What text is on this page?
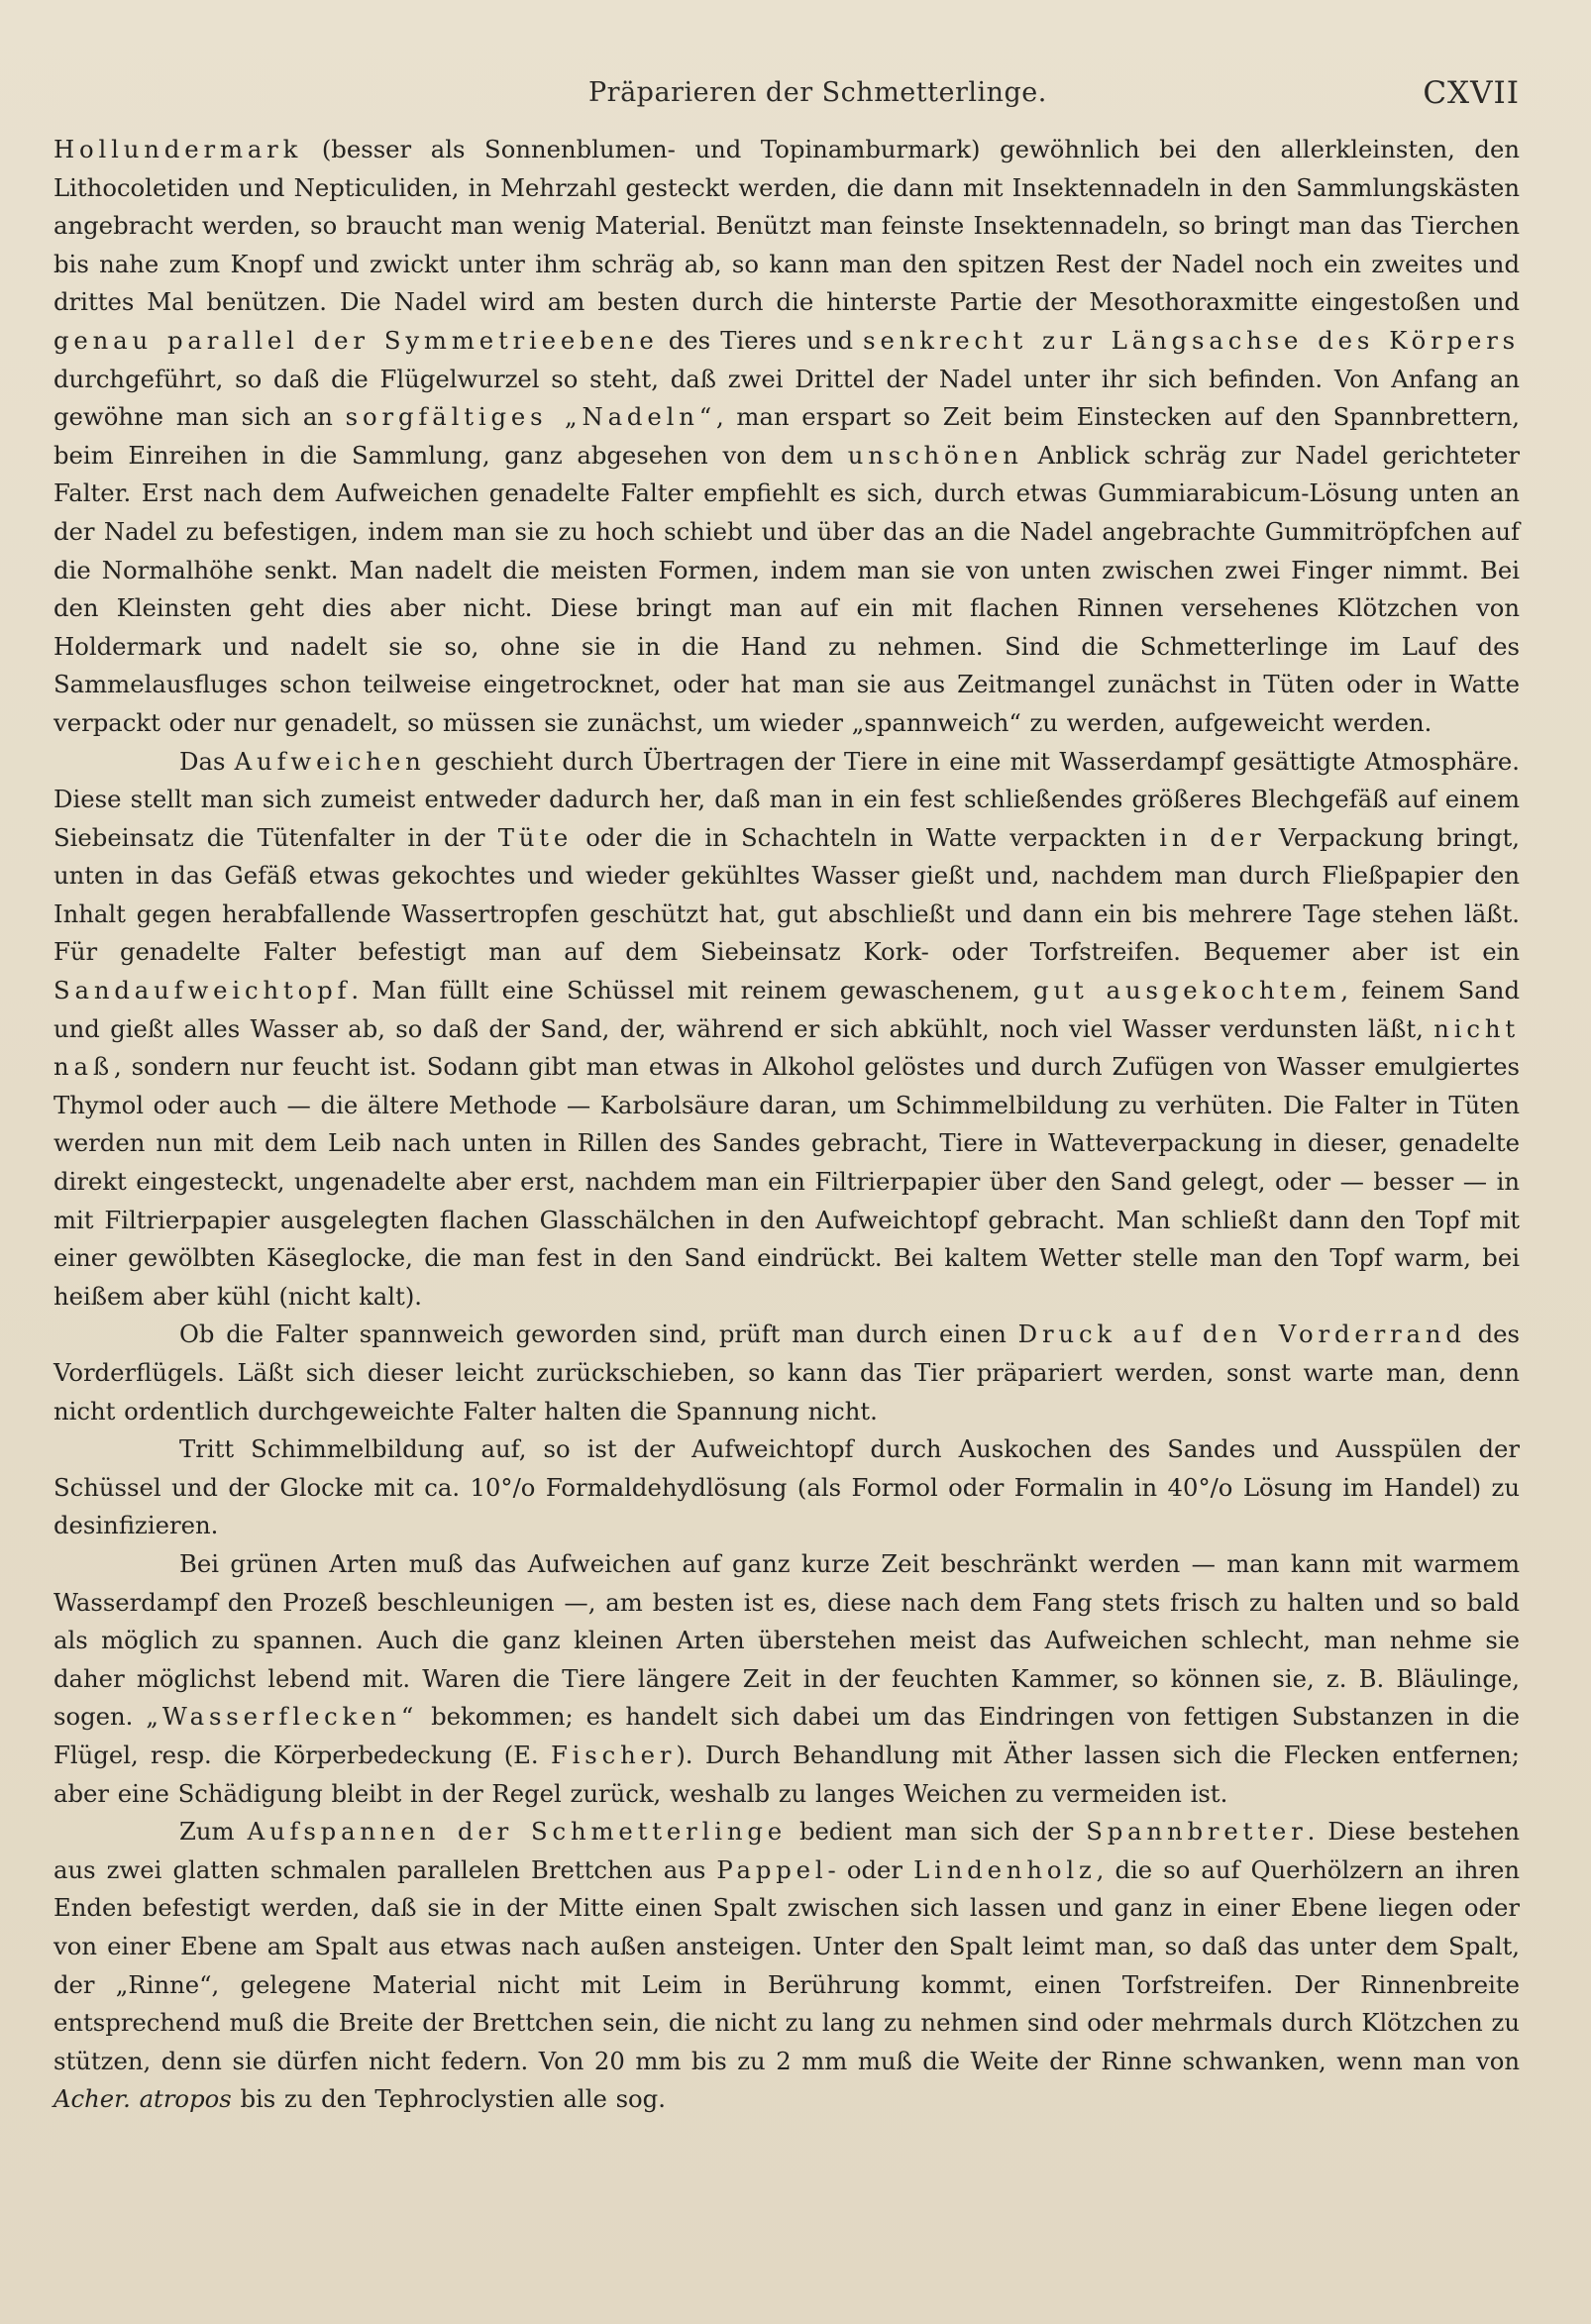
Präparieren der Schmetterlinge.	CXVII

Hollundermark (besser als Sonnenblumen- und Topinamburmark) gewöhnlich bei den allerkleinsten, den Lithocoletiden und Nepticuliden, in Mehrzahl gesteckt werden, die dann mit Insektennadeln in den Sammlungskästen angebracht werden, so braucht man wenig Material. Benützt man feinste Insektennadeln, so bringt man das Tierchen bis nahe zum Knopf und zwickt unter ihm schräg ab, so kann man den spitzen Rest der Nadel noch ein zweites und drittes Mal benützen. Die Nadel wird am besten durch die hinterste Partie der Mesothoraxmitte eingestoßen und genau parallel der Symmetrieebene des Tieres und senkrecht zur Längsachse des Körpers durchgeführt, so daß die Flügelwurzel so steht, daß zwei Drittel der Nadel unter ihr sich befinden. Von Anfang an gewöhne man sich an sorgfältiges „Nadeln“, man erspart so Zeit beim Einstecken auf den Spannbrettern, beim Einreihen in die Sammlung, ganz abgesehen von dem unschönen Anblick schräg zur Nadel gerichteter Falter. Erst nach dem Aufweichen genadelte Falter empfiehlt es sich, durch etwas Gummiarabicum-Lösung unten an der Nadel zu befestigen, indem man sie zu hoch schiebt und über das an die Nadel angebrachte Gummitröpfchen auf die Normalhöhe senkt. Man nadelt die meisten Formen, indem man sie von unten zwischen zwei Finger nimmt. Bei den Kleinsten geht dies aber nicht. Diese bringt man auf ein mit flachen Rinnen versehenes Klötzchen von Holdermark und nadelt sie so, ohne sie in die Hand zu nehmen. Sind die Schmetterlinge im Lauf des Sammelausfluges schon teilweise eingetrocknet, oder hat man sie aus Zeitmangel zunächst in Tüten oder in Watte verpackt oder nur genadelt, so müssen sie zunächst, um wieder „spannweich“ zu werden, aufgeweicht werden.

Das Aufweichen geschieht durch Übertragen der Tiere in eine mit Wasserdampf gesättigte Atmosphäre. Diese stellt man sich zumeist entweder dadurch her, daß man in ein fest schließendes größeres Blechgefäß auf einem Siebeinsatz die Tütenfalter in der Tüte oder die in Schachteln in Watte verpackten in der Verpackung bringt, unten in das Gefäß etwas gekochtes und wieder gekühltes Wasser gießt und, nachdem man durch Fließpapier den Inhalt gegen herabfallende Wassertropfen geschützt hat, gut abschließt und dann ein bis mehrere Tage stehen läßt. Für genadelte Falter befestigt man auf dem Siebeinsatz Kork- oder Torfstreifen. Bequemer aber ist ein Sandaufweichtopf. Man füllt eine Schüssel mit reinem gewaschenem, gut ausgekochtem, feinem Sand und gießt alles Wasser ab, so daß der Sand, der, während er sich abkühlt, noch viel Wasser verdunsten läßt, nicht naß, sondern nur feucht ist. Sodann gibt man etwas in Alkohol gelöstes und durch Zufügen von Wasser emulgiertes Thymol oder auch — die ältere Methode — Karbolsäure daran, um Schimmelbildung zu verhüten. Die Falter in Tüten werden nun mit dem Leib nach unten in Rillen des Sandes gebracht, Tiere in Watteverpackung in dieser, genadelte direkt eingesteckt, ungenadelte aber erst, nachdem man ein Filtrierpapier über den Sand gelegt, oder — besser — in mit Filtrierpapier ausgelegten flachen Glasschälchen in den Aufweichtopf gebracht. Man schließt dann den Topf mit einer gewölbten Käseglocke, die man fest in den Sand eindrückt. Bei kaltem Wetter stelle man den Topf warm, bei heißem aber kühl (nicht kalt).

Ob die Falter spannweich geworden sind, prüft man durch einen Druck auf den Vorderrand des Vorderflügels. Läßt sich dieser leicht zurückschieben, so kann das Tier präpariert werden, sonst warte man, denn nicht ordentlich durchgeweichte Falter halten die Spannung nicht.

Tritt Schimmelbildung auf, so ist der Aufweichtopf durch Auskochen des Sandes und Ausspülen der Schüssel und der Glocke mit ca. 10°/o Formaldehydlösung (als Formol oder Formalin in 40°/o Lösung im Handel) zu desinfizieren.

Bei grünen Arten muß das Aufweichen auf ganz kurze Zeit beschränkt werden — man kann mit warmem Wasserdampf den Prozeß beschleunigen —, am besten ist es, diese nach dem Fang stets frisch zu halten und so bald als möglich zu spannen. Auch die ganz kleinen Arten überstehen meist das Aufweichen schlecht, man nehme sie daher möglichst lebend mit. Waren die Tiere längere Zeit in der feuchten Kammer, so können sie, z. B. Bläulinge, sogen. „Wasserflecken“ bekommen; es handelt sich dabei um das Eindringen von fettigen Substanzen in die Flügel, resp. die Körperbedeckung (E. Fischer). Durch Behandlung mit Äther lassen sich die Flecken entfernen; aber eine Schädigung bleibt in der Regel zurück, weshalb zu langes Weichen zu vermeiden ist.

Zum Aufspannen der Schmetterlinge bedient man sich der Spannbretter. Diese bestehen aus zwei glatten schmalen parallelen Brettchen aus Pappel- oder Lindenholz, die so auf Querhölzern an ihren Enden befestigt werden, daß sie in der Mitte einen Spalt zwischen sich lassen und ganz in einer Ebene liegen oder von einer Ebene am Spalt aus etwas nach außen ansteigen. Unter den Spalt leimt man, so daß das unter dem Spalt, der „Rinne“, gelegene Material nicht mit Leim in Berührung kommt, einen Torfstreifen. Der Rinnenbreite entsprechend muß die Breite der Brettchen sein, die nicht zu lang zu nehmen sind oder mehrmals durch Klötzchen zu stützen, denn sie dürfen nicht federn. Von 20 mm bis zu 2 mm muß die Weite der Rinne schwanken, wenn man von Acher. atropos bis zu den Tephroclystien alle sog.
